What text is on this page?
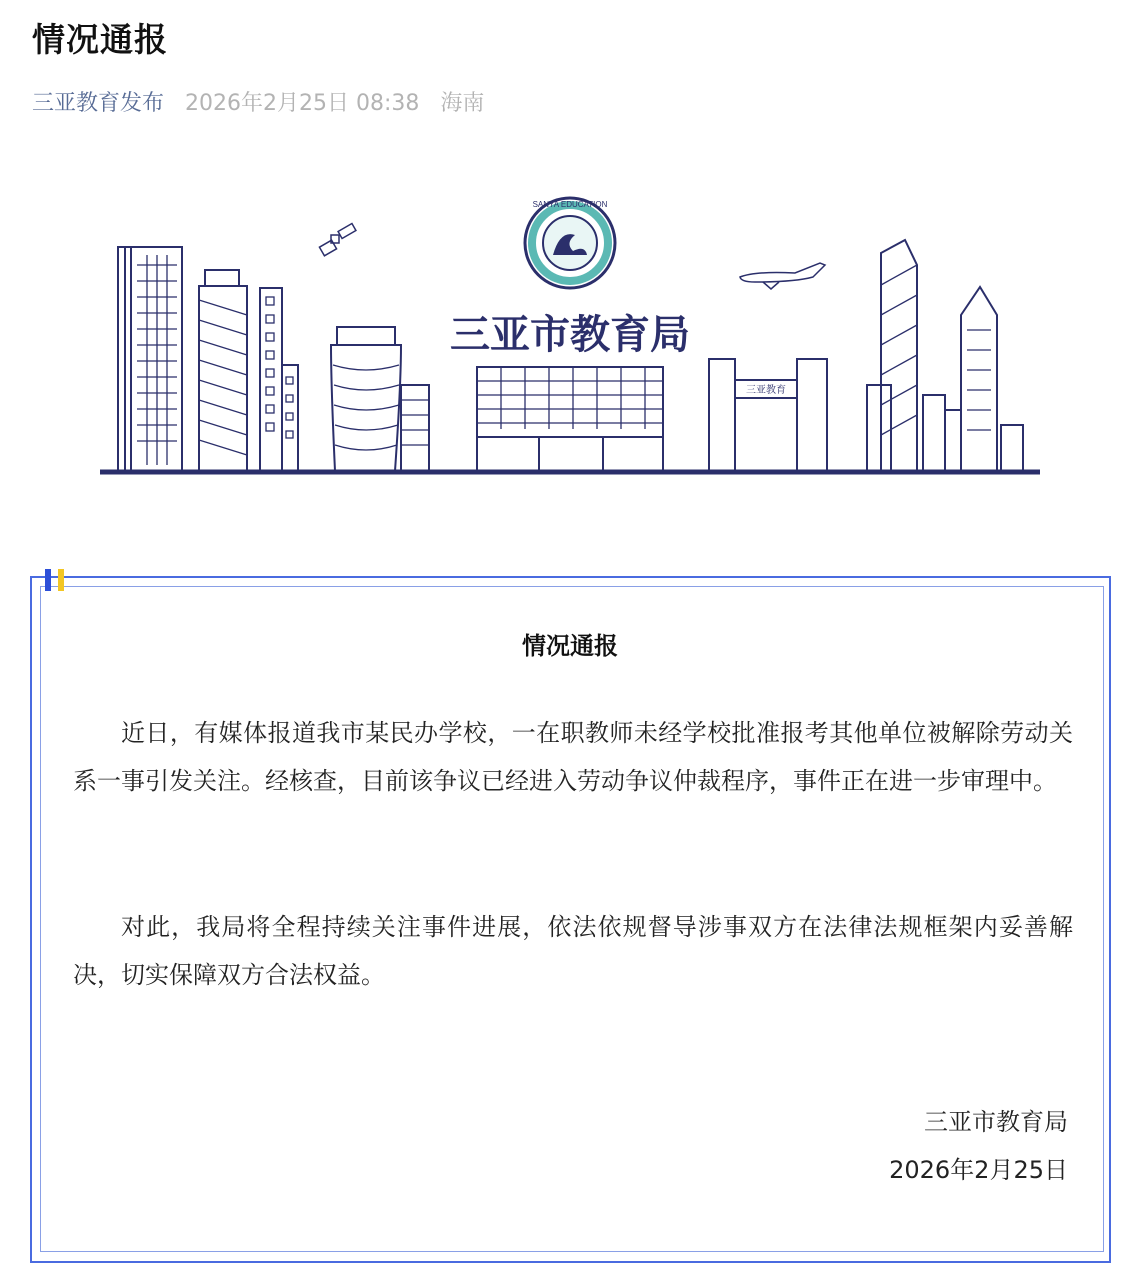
情况通报
三亚教育发布 2026年2月25日 08:38 海南
SANYA EDUCATION
三亚市教育局
三亚教育
情况通报

近日，有媒体报道我市某民办学校，一在职教师未经学校批准报考其他单位被解除劳动关系一事引发关注。经核查，目前该争议已经进入劳动争议仲裁程序，事件正在进一步审理中。

对此，我局将全程持续关注事件进展，依法依规督导涉事双方在法律法规框架内妥善解决，切实保障双方合法权益。

三亚市教育局
2026年2月25日
